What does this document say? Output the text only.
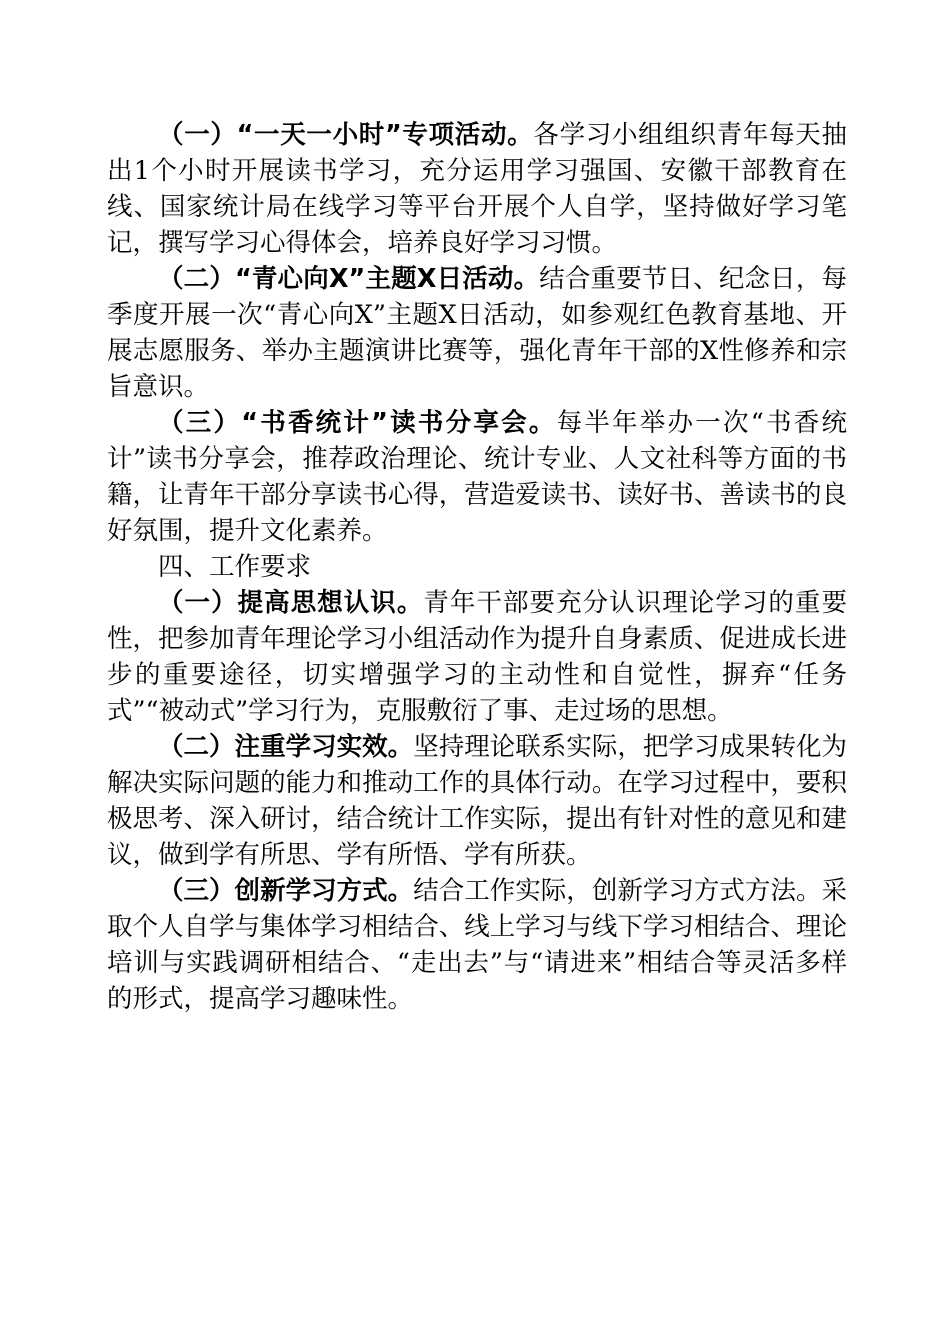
（一）“一天一小时”专项活动。各学习小组组织青年每天抽出1个小时开展读书学习，充分运用学习强国、安徽干部教育在线、国家统计局在线学习等平台开展个人自学，坚持做好学习笔记，撰写学习心得体会，培养良好学习习惯。

（二）“青心向X”主题X日活动。结合重要节日、纪念日，每季度开展一次“青心向X”主题X日活动，如参观红色教育基地、开展志愿服务、举办主题演讲比赛等，强化青年干部的X性修养和宗旨意识。

（三）“书香统计”读书分享会。每半年举办一次“书香统计”读书分享会，推荐政治理论、统计专业、人文社科等方面的书籍，让青年干部分享读书心得，营造爱读书、读好书、善读书的良好氛围，提升文化素养。

四、工作要求

（一）提高思想认识。青年干部要充分认识理论学习的重要性，把参加青年理论学习小组活动作为提升自身素质、促进成长进步的重要途径，切实增强学习的主动性和自觉性，摒弃“任务式”“被动式”学习行为，克服敷衍了事、走过场的思想。

（二）注重学习实效。坚持理论联系实际，把学习成果转化为解决实际问题的能力和推动工作的具体行动。在学习过程中，要积极思考、深入研讨，结合统计工作实际，提出有针对性的意见和建议，做到学有所思、学有所悟、学有所获。

（三）创新学习方式。结合工作实际，创新学习方式方法。采取个人自学与集体学习相结合、线上学习与线下学习相结合、理论培训与实践调研相结合、“走出去”与“请进来”相结合等灵活多样的形式，提高学习趣味性。
